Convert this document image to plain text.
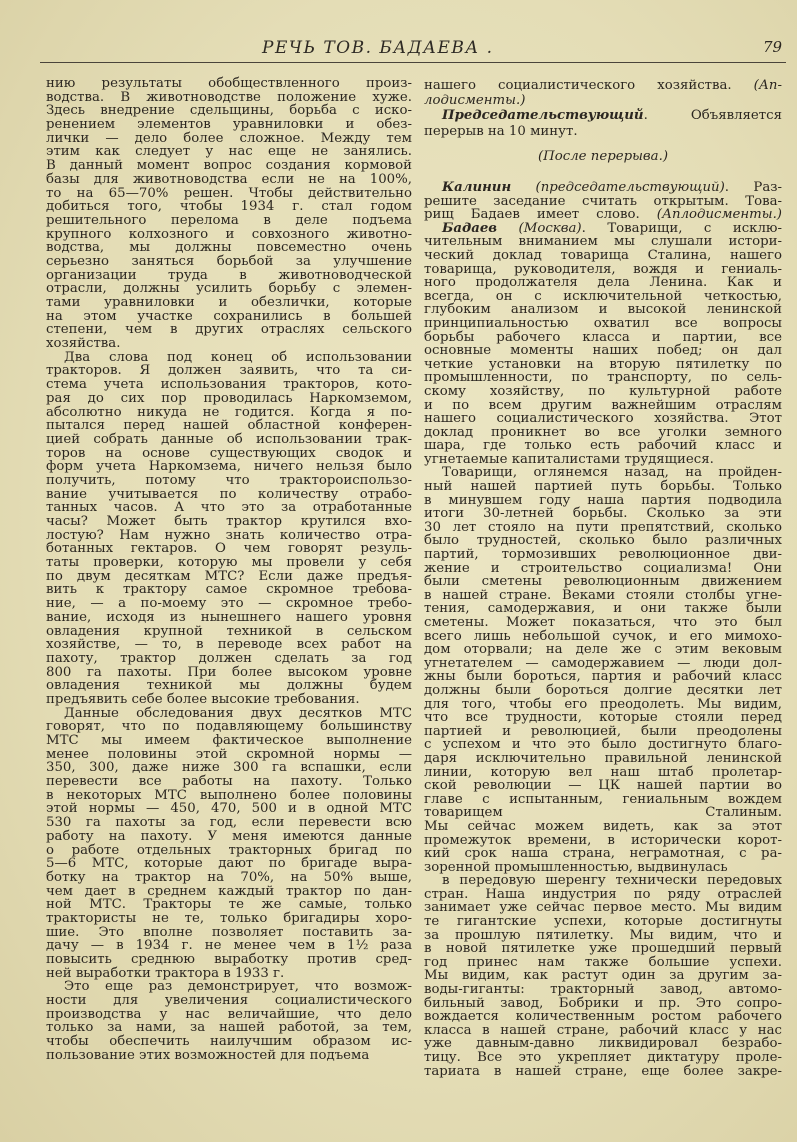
РЕЧЬ ТОВ. БАДАЕВА .	79
нию результаты обобществленного произ-
водства. В животноводстве положение хуже.
Здесь внедрение сдельщины, борьба с иско-
ренением элементов уравниловки и обез-
лички — дело более сложное. Между тем
этим как следует у нас еще не занялись.
В данный момент вопрос создания кормовой
базы для животноводства если не на 100%,
то на 65—70% решен. Чтобы действительно
добиться того, чтобы 1934 г. стал годом
решительного перелома в деле подъема
крупного колхозного и совхозного животно-
водства, мы должны повсеместно очень
серьезно заняться борьбой за улучшение
организации труда в животноводческой
отрасли, должны усилить борьбу с элемен-
тами уравниловки и обезлички, которые
на этом участке сохранились в большей
степени, чем в других отраслях сельского
хозяйства.
Два слова под конец об использовании
тракторов. Я должен заявить, что та си-
стема учета использования тракторов, кото-
рая до сих пор проводилась Наркомземом,
абсолютно никуда не годится. Когда я по-
пытался перед нашей областной конферен-
цией собрать данные об использовании трак-
торов на основе существующих сводок и
форм учета Наркомзема, ничего нельзя было
получить, потому что тракторoиспользо-
вание учитывается по количеству отрабо-
танных часов. А что это за отработанные
часы? Может быть трактор крутился вхо-
лостую? Нам нужно знать количество отра-
ботанных гектаров. О чем говорят резуль-
таты проверки, которую мы провели у себя
по двум десяткам МТС? Если даже предъя-
вить к трактору самое скромное требова-
ние, — а по-моему это — скромное требо-
вание, исходя из нынешнего нашего уровня
овладения крупной техникой в сельском
хозяйстве, — то, в переводе всех работ на
пахоту, трактор должен сделать за год
800 га пахоты. При более высоком уровне
овладения техникой мы должны будем
предъявить себе более высокие требования.
Данные обследования двух десятков МТС
говорят, что по подавляющему большинству
МТС мы имеем фактическое выполнение
менее половины этой скромной нормы —
350, 300, даже ниже 300 га вспашки, если
перевести все работы на пахоту. Только
в некоторых МТС выполнено более половины
этой нормы — 450, 470, 500 и в одной МТС
530 га пахоты за год, если перевести всю
работу на пахоту. У меня имеются данные
о работе отдельных тракторных бригад по
5—6 МТС, которые дают по бригаде выра-
ботку на трактор на 70%, на 50% выше,
чем дает в среднем каждый трактор по дан-
ной МТС. Тракторы те же самые, только
трактористы не те, только бригадиры хоро-
шие. Это вполне позволяет поставить за-
дачу — в 1934 г. не менее чем в 1½ раза
повысить среднюю выработку против сред-
ней выработки трактора в 1933 г.
Это еще раз демонстрирует, что возмож-
ности для увеличения социалистического
производства у нас величайшие, что дело
только за нами, за нашей работой, за тем,
чтобы обеспечить наилучшим образом ис-
пользование этих возможностей для подъема
нашего социалистического хозяйства. (Ап-
лодисменты.)
Председательствующий. Объявляется
перерыв на 10 минут.
(После перерыва.)
Калинин (председательствующий). Раз-
решите заседание считать открытым. Това-
рищ Бадаев имеет слово. (Аплодисменты.)
Бадаев (Москва). Товарищи, с исклю-
чительным вниманием мы слушали истори-
ческий доклад товарища Сталина, нашего
товарища, руководителя, вождя и гениаль-
ного продолжателя дела Ленина. Как и
всегда, он с исключительной четкостью,
глубоким анализом и высокой ленинской
принципиальностью охватил все вопросы
борьбы рабочего класса и партии, все
основные моменты наших побед; он дал
четкие установки на вторую пятилетку по
промышленности, по транспорту, по сель-
скому хозяйству, по культурной работе
и по всем другим важнейшим отраслям
нашего социалистического хозяйства. Этот
доклад проникнет во все уголки земного
шара, где только есть рабочий класс и
угнетаемые капиталистами трудящиеся.
Товарищи, оглянемся назад, на пройден-
ный нашей партией путь борьбы. Только
в минувшем году наша партия подводила
итоги 30-летней борьбы. Сколько за эти
30 лет стояло на пути препятствий, сколько
было трудностей, сколько было различных
партий, тормозивших революционное дви-
жение и строительство социализма! Они
были сметены революционным движением
в нашей стране. Веками стояли столбы угне-
тения, самодержавия, и они также были
сметены. Может показаться, что это был
всего лишь небольшой сучок, и его мимохо-
дом оторвали; на деле же с этим вековым
угнетателем — самодержавием — люди дол-
жны были бороться, партия и рабочий класс
должны были бороться долгие десятки лет
для того, чтобы его преодолеть. Мы видим,
что все трудности, которые стояли перед
партией и революцией, были преодолены
с успехом и что это было достигнуто благо-
даря исключительно правильной ленинской
линии, которую вел наш штаб пролетар-
ской революции — ЦК нашей партии во
главе с испытанным, гениальным вождем
товарищем Сталиным.
Мы сейчас можем видеть, как за этот
промежуток времени, в исторически корот-
кий срок наша страна, неграмотная, с ра-
зоренной промышленностью, выдвинулась
в передовую шеренгу технически передовых
стран. Наша индустрия по ряду отраслей
занимает уже сейчас первое место. Мы видим
те гигантские успехи, которые достигнуты
за прошлую пятилетку. Мы видим, что и
в новой пятилетке уже прошедший первый
год принес нам также большие успехи.
Мы видим, как растут один за другим за-
воды-гиганты: тракторный завод, автомо-
бильный завод, Бобрики и пр. Это сопро-
вождается количественным ростом рабочего
класса в нашей стране, рабочий класс у нас
уже давным-давно ликвидировал безрабо-
тицу. Все это укрепляет диктатуру проле-
тариата в нашей стране, еще более закре-
